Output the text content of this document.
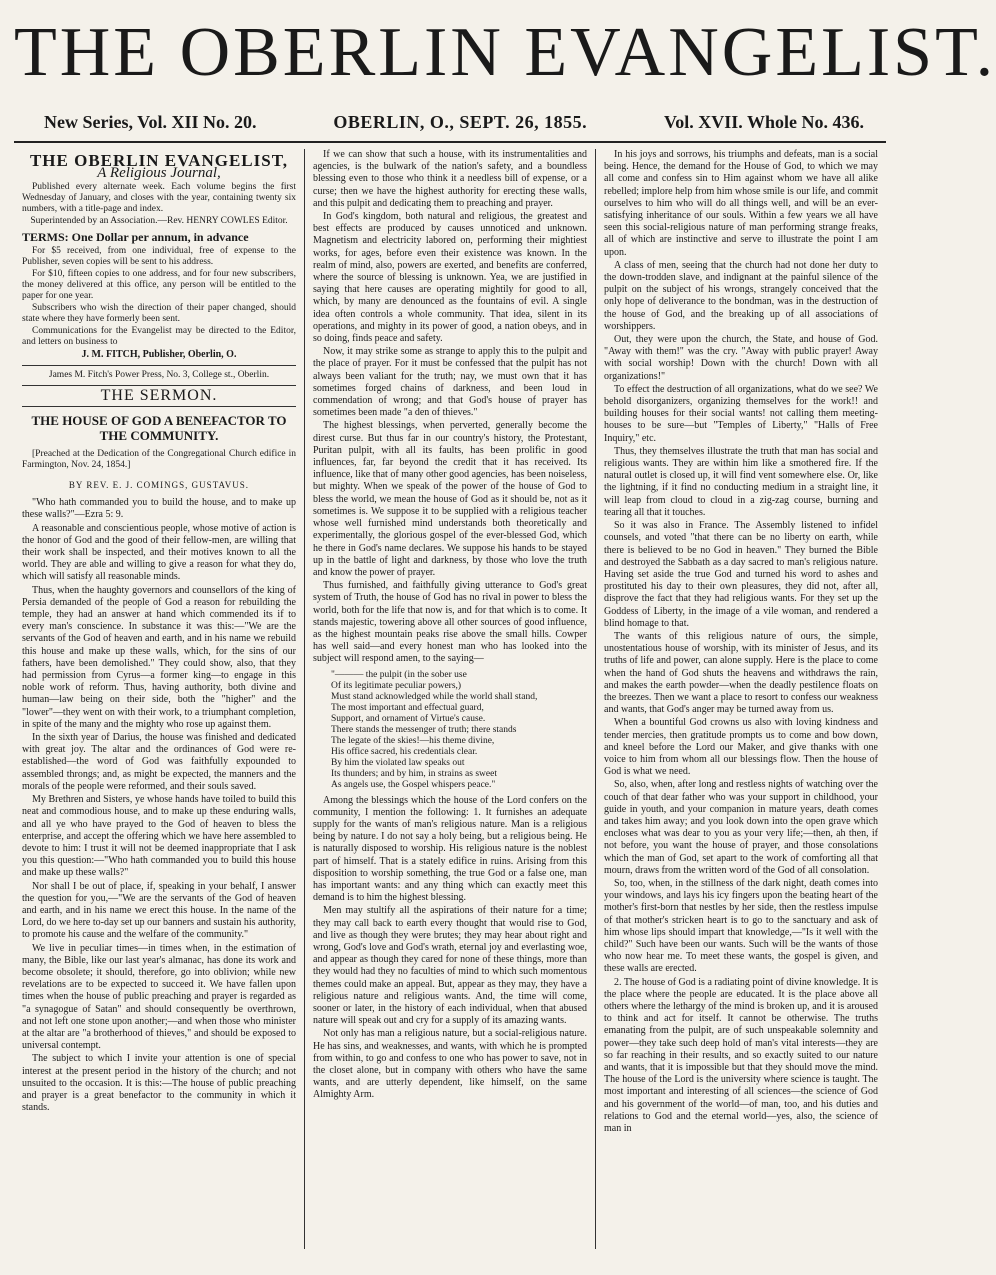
THE OBERLIN EVANGELIST.
New Series, Vol. XII No. 20.	OBERLIN, O., SEPT. 26, 1855.	Vol. XVII. Whole No. 436.
THE OBERLIN EVANGELIST,
A Religious Journal,

Published every alternate week. Each volume begins the first Wednesday of January, and closes with the year, containing twenty six numbers, with a title-page and index.

Superintended by an Association.—Rev. HENRY COWLES Editor.

TERMS: One Dollar per annum, in advance

For $5 received, from one individual, free of expense to the Publisher, seven copies will be sent to his address.

For $10, fifteen copies to one address, and for four new subscribers, the money delivered at this office, any person will be entitled to the paper for one year.

Subscribers who wish the direction of their paper changed, should state where they have formerly been sent.

Communications for the Evangelist may be directed to the Editor, and letters on business to

J. M. FITCH, Publisher, Oberlin, O.

James M. Fitch's Power Press, No. 3, College st., Oberlin.

THE SERMON.
THE HOUSE OF GOD A BENEFACTOR TO THE COMMUNITY.

[Preached at the Dedication of the Congregational Church edifice in Farmington, Nov. 24, 1854.]

BY REV. E. J. COMINGS, GUSTAVUS.

"Who hath commanded you to build the house, and to make up these walls?"—Ezra 5: 9.

A reasonable and conscientious people, whose motive of action is the honor of God and the good of their fellow-men, are willing that their work shall be inspected, and their motives known to all the world. They are able and willing to give a reason for what they do, which will satisfy all reasonable minds.

Thus, when the haughty governors and counsellors of the king of Persia demanded of the people of God a reason for rebuilding the temple, they had an answer at hand which commended its if to every man's conscience. In substance it was this:—"We are the servants of the God of heaven and earth, and in his name we rebuild this house and make up these walls, which, for the sins of our fathers, have been demolished." They could show, also, that they had permission from Cyrus—a former king—to engage in this noble work of reform. Thus, having authority, both divine and human—law being on their side, both the "higher" and the "lower"—they went on with their work, to a triumphant completion, in spite of the many and the mighty who rose up against them.

In the sixth year of Darius, the house was finished and dedicated with great joy. The altar and the ordinances of God were re-established—the word of God was faithfully expounded to assembled throngs; and, as might be expected, the manners and the morals of the people were reformed, and their souls saved.

My Brethren and Sisters, ye whose hands have toiled to build this neat and commodious house, and to make up these enduring walls, and all ye who have prayed to the God of heaven to bless the enterprise, and accept the offering which we have here assembled to devote to him: I trust it will not be deemed inappropriate that I ask you this question:—"Who hath commanded you to build this house and make up these walls?"

Nor shall I be out of place, if, speaking in your behalf, I answer the question for you,—"We are the servants of the God of heaven and earth, and in his name we erect this house. In the name of the Lord, do we here to-day set up our banners and sustain his authority, to promote his cause and the welfare of the community."

We live in peculiar times—in times when, in the estimation of many, the Bible, like our last year's almanac, has done its work and become obsolete; it should, therefore, go into oblivion; while new revelations are to be expected to succeed it. We have fallen upon times when the house of public preaching and prayer is regarded as "a synagogue of Satan" and should consequently be overthrown, and not left one stone upon another;—and when those who minister at the altar are "a brotherhood of thieves," and should be exposed to universal contempt.

The subject to which I invite your attention is one of special interest at the present period in the history of the church; and not unsuited to the occasion. It is this:—The house of public preaching and prayer is a great benefactor to the community in which it stands.

If we can show that such a house, with its instrumentalities and agencies, is the bulwark of the nation's safety, and a boundless blessing even to those who think it a needless bill of expense, or a curse; then we have the highest authority for erecting these walls, and this pulpit and dedicating them to preaching and prayer.

In God's kingdom, both natural and religious, the greatest and best effects are produced by causes unnoticed and unknown. Magnetism and electricity labored on, performing their mightiest works, for ages, before even their existence was known. In the realm of mind, also, powers are exerted, and benefits are conferred, where the source of blessing is unknown. Yea, we are justified in saying that here causes are operating mightily for good to all, which, by many are denounced as the fountains of evil. A single idea often controls a whole community. That idea, silent in its operations, and mighty in its power of good, a nation obeys, and in so doing, finds peace and safety.

Now, it may strike some as strange to apply this to the pulpit and the place of prayer. For it must be confessed that the pulpit has not always been valiant for the truth; nay, we must own that it has sometimes forged chains of darkness, and been loud in commendation of wrong; and that God's house of prayer has sometimes been made "a den of thieves."

The highest blessings, when perverted, generally become the direst curse. But thus far in our country's history, the Protestant, Puritan pulpit, with all its faults, has been prolific in good influences, far, far beyond the credit that it has received. Its influence, like that of many other good agencies, has been noiseless, but mighty. When we speak of the power of the house of God to bless the world, we mean the house of God as it should be, not as it sometimes is. We suppose it to be supplied with a religious teacher whose well furnished mind understands both theoretically and experimentally, the glorious gospel of the ever-blessed God, which he there in God's name declares. We suppose his hands to be stayed up in the battle of light and darkness, by those who love the truth and know the power of prayer.

Thus furnished, and faithfully giving utterance to God's great system of Truth, the house of God has no rival in power to bless the world, both for the life that now is, and for that which is to come. It stands majestic, towering above all other sources of good influence, as the highest mountain peaks rise above the small hills. Cowper has well said—and every honest man who has looked into the subject will respond amen, to the saying—

"——— the pulpit (in the sober use
Of its legitimate peculiar powers,)
Must stand acknowledged while the world shall stand,
The most important and effectual guard,
Support, and ornament of Virtue's cause.
There stands the messenger of truth; there stands
The legate of the skies!—his theme divine,
His office sacred, his credentials clear.
By him the violated law speaks out
Its thunders; and by him, in strains as sweet
As angels use, the Gospel whispers peace."

Among the blessings which the house of the Lord confers on the community, I mention the following: 1. It furnishes an adequate supply for the wants of man's religious nature. Man is a religious being by nature. I do not say a holy being, but a religious being. He is naturally disposed to worship. His religious nature is the noblest part of himself. That is a stately edifice in ruins. Arising from this disposition to worship something, the true God or a false one, man has important wants: and any thing which can exactly meet this demand is to him the highest blessing.

Men may stultify all the aspirations of their nature for a time; they may call back to earth every thought that would rise to God, and live as though they were brutes; they may hear about right and wrong, God's love and God's wrath, eternal joy and everlasting woe, and appear as though they cared for none of these things, more than they would had they no faculties of mind to which such momentous themes could make an appeal. But, appear as they may, they have a religious nature and religious wants. And, the time will come, sooner or later, in the history of each individual, when that abused nature will speak out and cry for a supply of its amazing wants.

Not only has man a religious nature, but a social-religious nature. He has sins, and weaknesses, and wants, with which he is prompted from within, to go and confess to one who has power to save, not in the closet alone, but in company with others who have the same wants, and are utterly dependent, like himself, on the same Almighty Arm.

In his joys and sorrows, his triumphs and defeats, man is a social being. Hence, the demand for the House of God, to which we may all come and confess sin to Him against whom we have all alike rebelled; implore help from him whose smile is our life, and commit ourselves to him who will do all things well, and will be an ever-satisfying inheritance of our souls. Within a few years we all have seen this social-religious nature of man performing strange freaks, all of which are instinctive and serve to illustrate the point I am upon.

A class of men, seeing that the church had not done her duty to the down-trodden slave, and indignant at the painful silence of the pulpit on the subject of his wrongs, strangely conceived that the only hope of deliverance to the bondman, was in the destruction of the house of God, and the breaking up of all associations of worshippers.

Out, they were upon the church, the State, and house of God. "Away with them!" was the cry. "Away with public prayer! Away with social worship! Down with the church! Down with all organizations!"

To effect the destruction of all organizations, what do we see? We behold disorganizers, organizing themselves for the work!! and building houses for their social wants! not calling them meeting-houses to be sure—but "Temples of Liberty," "Halls of Free Inquiry," etc.

Thus, they themselves illustrate the truth that man has social and religious wants. They are within him like a smothered fire. If the natural outlet is closed up, it will find vent somewhere else. Or, like the lightning, if it find no conducting medium in a straight line, it will leap from cloud to cloud in a zig-zag course, burning and tearing all that it touches.

So it was also in France. The Assembly listened to infidel counsels, and voted "that there can be no liberty on earth, while there is believed to be no God in heaven." They burned the Bible and destroyed the Sabbath as a day sacred to man's religious nature. Having set aside the true God and turned his word to ashes and prostituted his day to their own pleasures, they did not, after all, disprove the fact that they had religious wants. For they set up the Goddess of Liberty, in the image of a vile woman, and rendered a blind homage to that.

The wants of this religious nature of ours, the simple, unostentatious house of worship, with its minister of Jesus, and its truths of life and power, can alone supply. Here is the place to come when the hand of God shuts the heavens and withdraws the rain, and makes the earth powder—when the deadly pestilence floats on the breezes. Then we want a place to resort to confess our weakness and wants, that God's anger may be turned away from us.

When a bountiful God crowns us also with loving kindness and tender mercies, then gratitude prompts us to come and bow down, and kneel before the Lord our Maker, and give thanks with one voice to him from whom all our blessings flow. Then the house of God is what we need.

So, also, when, after long and restless nights of watching over the couch of that dear father who was your support in childhood, your guide in youth, and your companion in mature years, death comes and takes him away; and you look down into the open grave which encloses what was dear to you as your very life;—then, ah then, if not before, you want the house of prayer, and those consolations which the man of God, set apart to the work of comforting all that mourn, draws from the written word of the God of all consolation.

So, too, when, in the stillness of the dark night, death comes into your windows, and lays his icy fingers upon the beating heart of the mother's first-born that nestles by her side, then the restless impulse of that mother's stricken heart is to go to the sanctuary and ask of him whose lips should impart that knowledge,—"Is it well with the child?" Such have been our wants. Such will be the wants of those who now hear me. To meet these wants, the gospel is given, and these walls are erected.

2. The house of God is a radiating point of divine knowledge. It is the place where the people are educated. It is the place above all others where the lethargy of the mind is broken up, and it is aroused to think and act for itself. It cannot be otherwise. The truths emanating from the pulpit, are of such unspeakable solemnity and power—they take such deep hold of man's vital interests—they are so far reaching in their results, and so exactly suited to our nature and wants, that it is impossible but that they should move the mind. The house of the Lord is the university where science is taught. The most important and interesting of all sciences—the science of God and his government of the world—of man, too, and his duties and relations to God and the eternal world—yes, also, the science of man in
